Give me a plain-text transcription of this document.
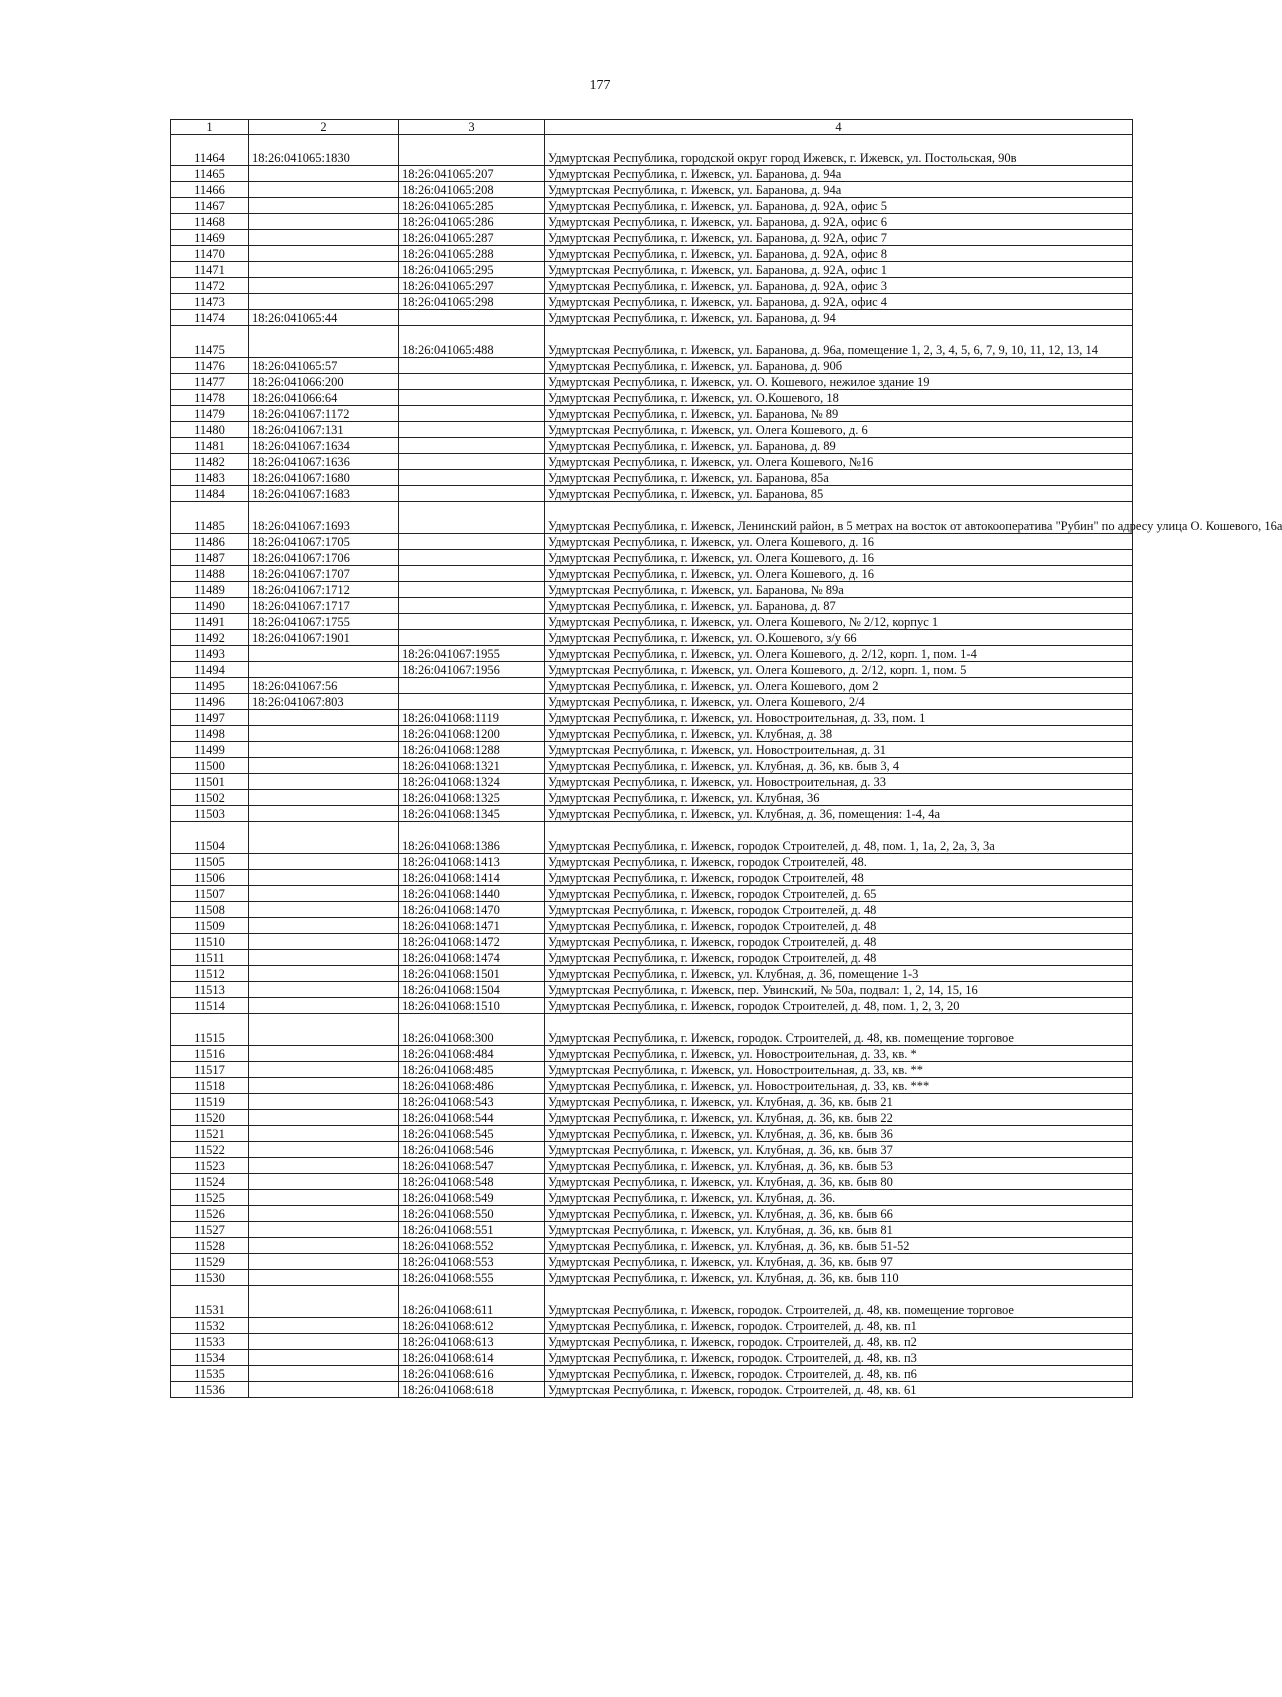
177
1	2	3	4
11464	18:26:041065:1830		Удмуртская Республика, городской округ город Ижевск, г. Ижевск, ул. Постольская, 90в
11465		18:26:041065:207	Удмуртская Республика, г. Ижевск, ул. Баранова, д. 94а
11466		18:26:041065:208	Удмуртская Республика, г. Ижевск, ул. Баранова, д. 94а
11467		18:26:041065:285	Удмуртская Республика, г. Ижевск, ул. Баранова, д. 92А, офис 5
11468		18:26:041065:286	Удмуртская Республика, г. Ижевск, ул. Баранова, д. 92А, офис 6
11469		18:26:041065:287	Удмуртская Республика, г. Ижевск, ул. Баранова, д. 92А, офис 7
11470		18:26:041065:288	Удмуртская Республика, г. Ижевск, ул. Баранова, д. 92А, офис 8
11471		18:26:041065:295	Удмуртская Республика, г. Ижевск, ул. Баранова, д. 92А, офис 1
11472		18:26:041065:297	Удмуртская Республика, г. Ижевск, ул. Баранова, д. 92А, офис 3
11473		18:26:041065:298	Удмуртская Республика, г. Ижевск, ул. Баранова, д. 92А, офис 4
11474	18:26:041065:44		Удмуртская Республика, г. Ижевск, ул. Баранова, д. 94
11475		18:26:041065:488	Удмуртская Республика, г. Ижевск, ул. Баранова, д. 96а, помещение 1, 2, 3, 4, 5, 6, 7, 9, 10, 11, 12, 13, 14
11476	18:26:041065:57		Удмуртская Республика, г. Ижевск, ул. Баранова, д. 90б
11477	18:26:041066:200		Удмуртская Республика, г. Ижевск, ул. О. Кошевого, нежилое здание 19
11478	18:26:041066:64		Удмуртская Республика, г. Ижевск, ул. О.Кошевого, 18
11479	18:26:041067:1172		Удмуртская Республика, г. Ижевск, ул. Баранова, № 89
11480	18:26:041067:131		Удмуртская Республика, г. Ижевск, ул. Олега Кошевого, д. 6
11481	18:26:041067:1634		Удмуртская Республика, г. Ижевск, ул. Баранова, д. 89
11482	18:26:041067:1636		Удмуртская Республика, г. Ижевск, ул. Олега Кошевого, №16
11483	18:26:041067:1680		Удмуртская Республика, г. Ижевск, ул. Баранова, 85а
11484	18:26:041067:1683		Удмуртская Республика, г. Ижевск, ул. Баранова, 85
11485	18:26:041067:1693		Удмуртская Республика, г. Ижевск, Ленинский район, в 5 метрах на восток от автокооператива "Рубин" по адресу улица О. Кошевого, 16а
11486	18:26:041067:1705		Удмуртская Республика, г. Ижевск, ул. Олега Кошевого, д. 16
11487	18:26:041067:1706		Удмуртская Республика, г. Ижевск, ул. Олега Кошевого, д. 16
11488	18:26:041067:1707		Удмуртская Республика, г. Ижевск, ул. Олега Кошевого, д. 16
11489	18:26:041067:1712		Удмуртская Республика, г. Ижевск, ул. Баранова, № 89а
11490	18:26:041067:1717		Удмуртская Республика, г. Ижевск, ул. Баранова, д. 87
11491	18:26:041067:1755		Удмуртская Республика, г. Ижевск, ул. Олега Кошевого, № 2/12, корпус 1
11492	18:26:041067:1901		Удмуртская Республика, г. Ижевск, ул. О.Кошевого, з/у 66
11493		18:26:041067:1955	Удмуртская Республика, г. Ижевск, ул. Олега Кошевого, д. 2/12, корп. 1, пом. 1-4
11494		18:26:041067:1956	Удмуртская Республика, г. Ижевск, ул. Олега Кошевого, д. 2/12, корп. 1, пом. 5
11495	18:26:041067:56		Удмуртская Республика, г. Ижевск, ул. Олега Кошевого, дом 2
11496	18:26:041067:803		Удмуртская Республика, г. Ижевск, ул. Олега Кошевого, 2/4
11497		18:26:041068:1119	Удмуртская Республика, г. Ижевск, ул. Новостроительная, д. 33, пом. 1
11498		18:26:041068:1200	Удмуртская Республика, г. Ижевск, ул. Клубная, д. 38
11499		18:26:041068:1288	Удмуртская Республика, г. Ижевск, ул. Новостроительная, д. 31
11500		18:26:041068:1321	Удмуртская Республика, г. Ижевск, ул. Клубная, д. 36, кв. быв 3, 4
11501		18:26:041068:1324	Удмуртская Республика, г. Ижевск, ул. Новостроительная, д. 33
11502		18:26:041068:1325	Удмуртская Республика, г. Ижевск, ул. Клубная, 36
11503		18:26:041068:1345	Удмуртская Республика, г. Ижевск, ул. Клубная, д. 36, помещения: 1-4, 4а
11504		18:26:041068:1386	Удмуртская Республика, г. Ижевск, городок Строителей, д. 48, пом. 1, 1а, 2, 2а, 3, 3а
11505		18:26:041068:1413	Удмуртская Республика, г. Ижевск, городок Строителей, 48.
11506		18:26:041068:1414	Удмуртская Республика, г. Ижевск, городок Строителей, 48
11507		18:26:041068:1440	Удмуртская Республика, г. Ижевск, городок Строителей, д. 65
11508		18:26:041068:1470	Удмуртская Республика, г. Ижевск, городок Строителей, д. 48
11509		18:26:041068:1471	Удмуртская Республика, г. Ижевск, городок Строителей, д. 48
11510		18:26:041068:1472	Удмуртская Республика, г. Ижевск, городок Строителей, д. 48
11511		18:26:041068:1474	Удмуртская Республика, г. Ижевск, городок Строителей, д. 48
11512		18:26:041068:1501	Удмуртская Республика, г. Ижевск, ул. Клубная, д. 36, помещение 1-3
11513		18:26:041068:1504	Удмуртская Республика, г. Ижевск, пер. Увинский, № 50а, подвал: 1, 2, 14, 15, 16
11514		18:26:041068:1510	Удмуртская Республика, г. Ижевск, городок Строителей, д. 48, пом. 1, 2, 3, 20
11515		18:26:041068:300	Удмуртская Республика, г. Ижевск, городок. Строителей, д. 48, кв. помещение торговое
11516		18:26:041068:484	Удмуртская Республика, г. Ижевск, ул. Новостроительная, д. 33, кв. *
11517		18:26:041068:485	Удмуртская Республика, г. Ижевск, ул. Новостроительная, д. 33, кв. **
11518		18:26:041068:486	Удмуртская Республика, г. Ижевск, ул. Новостроительная, д. 33, кв. ***
11519		18:26:041068:543	Удмуртская Республика, г. Ижевск, ул. Клубная, д. 36, кв. быв 21
11520		18:26:041068:544	Удмуртская Республика, г. Ижевск, ул. Клубная, д. 36, кв. быв 22
11521		18:26:041068:545	Удмуртская Республика, г. Ижевск, ул. Клубная, д. 36, кв. быв 36
11522		18:26:041068:546	Удмуртская Республика, г. Ижевск, ул. Клубная, д. 36, кв. быв 37
11523		18:26:041068:547	Удмуртская Республика, г. Ижевск, ул. Клубная, д. 36, кв. быв 53
11524		18:26:041068:548	Удмуртская Республика, г. Ижевск, ул. Клубная, д. 36, кв. быв 80
11525		18:26:041068:549	Удмуртская Республика, г. Ижевск, ул. Клубная, д. 36.
11526		18:26:041068:550	Удмуртская Республика, г. Ижевск, ул. Клубная, д. 36, кв. быв 66
11527		18:26:041068:551	Удмуртская Республика, г. Ижевск, ул. Клубная, д. 36, кв. быв 81
11528		18:26:041068:552	Удмуртская Республика, г. Ижевск, ул. Клубная, д. 36, кв. быв 51-52
11529		18:26:041068:553	Удмуртская Республика, г. Ижевск, ул. Клубная, д. 36, кв. быв 97
11530		18:26:041068:555	Удмуртская Республика, г. Ижевск, ул. Клубная, д. 36, кв. быв 110
11531		18:26:041068:611	Удмуртская Республика, г. Ижевск, городок. Строителей, д. 48, кв. помещение торговое
11532		18:26:041068:612	Удмуртская Республика, г. Ижевск, городок. Строителей, д. 48, кв. п1
11533		18:26:041068:613	Удмуртская Республика, г. Ижевск, городок. Строителей, д. 48, кв. п2
11534		18:26:041068:614	Удмуртская Республика, г. Ижевск, городок. Строителей, д. 48, кв. п3
11535		18:26:041068:616	Удмуртская Республика, г. Ижевск, городок. Строителей, д. 48, кв. п6
11536		18:26:041068:618	Удмуртская Республика, г. Ижевск, городок. Строителей, д. 48, кв. 61
